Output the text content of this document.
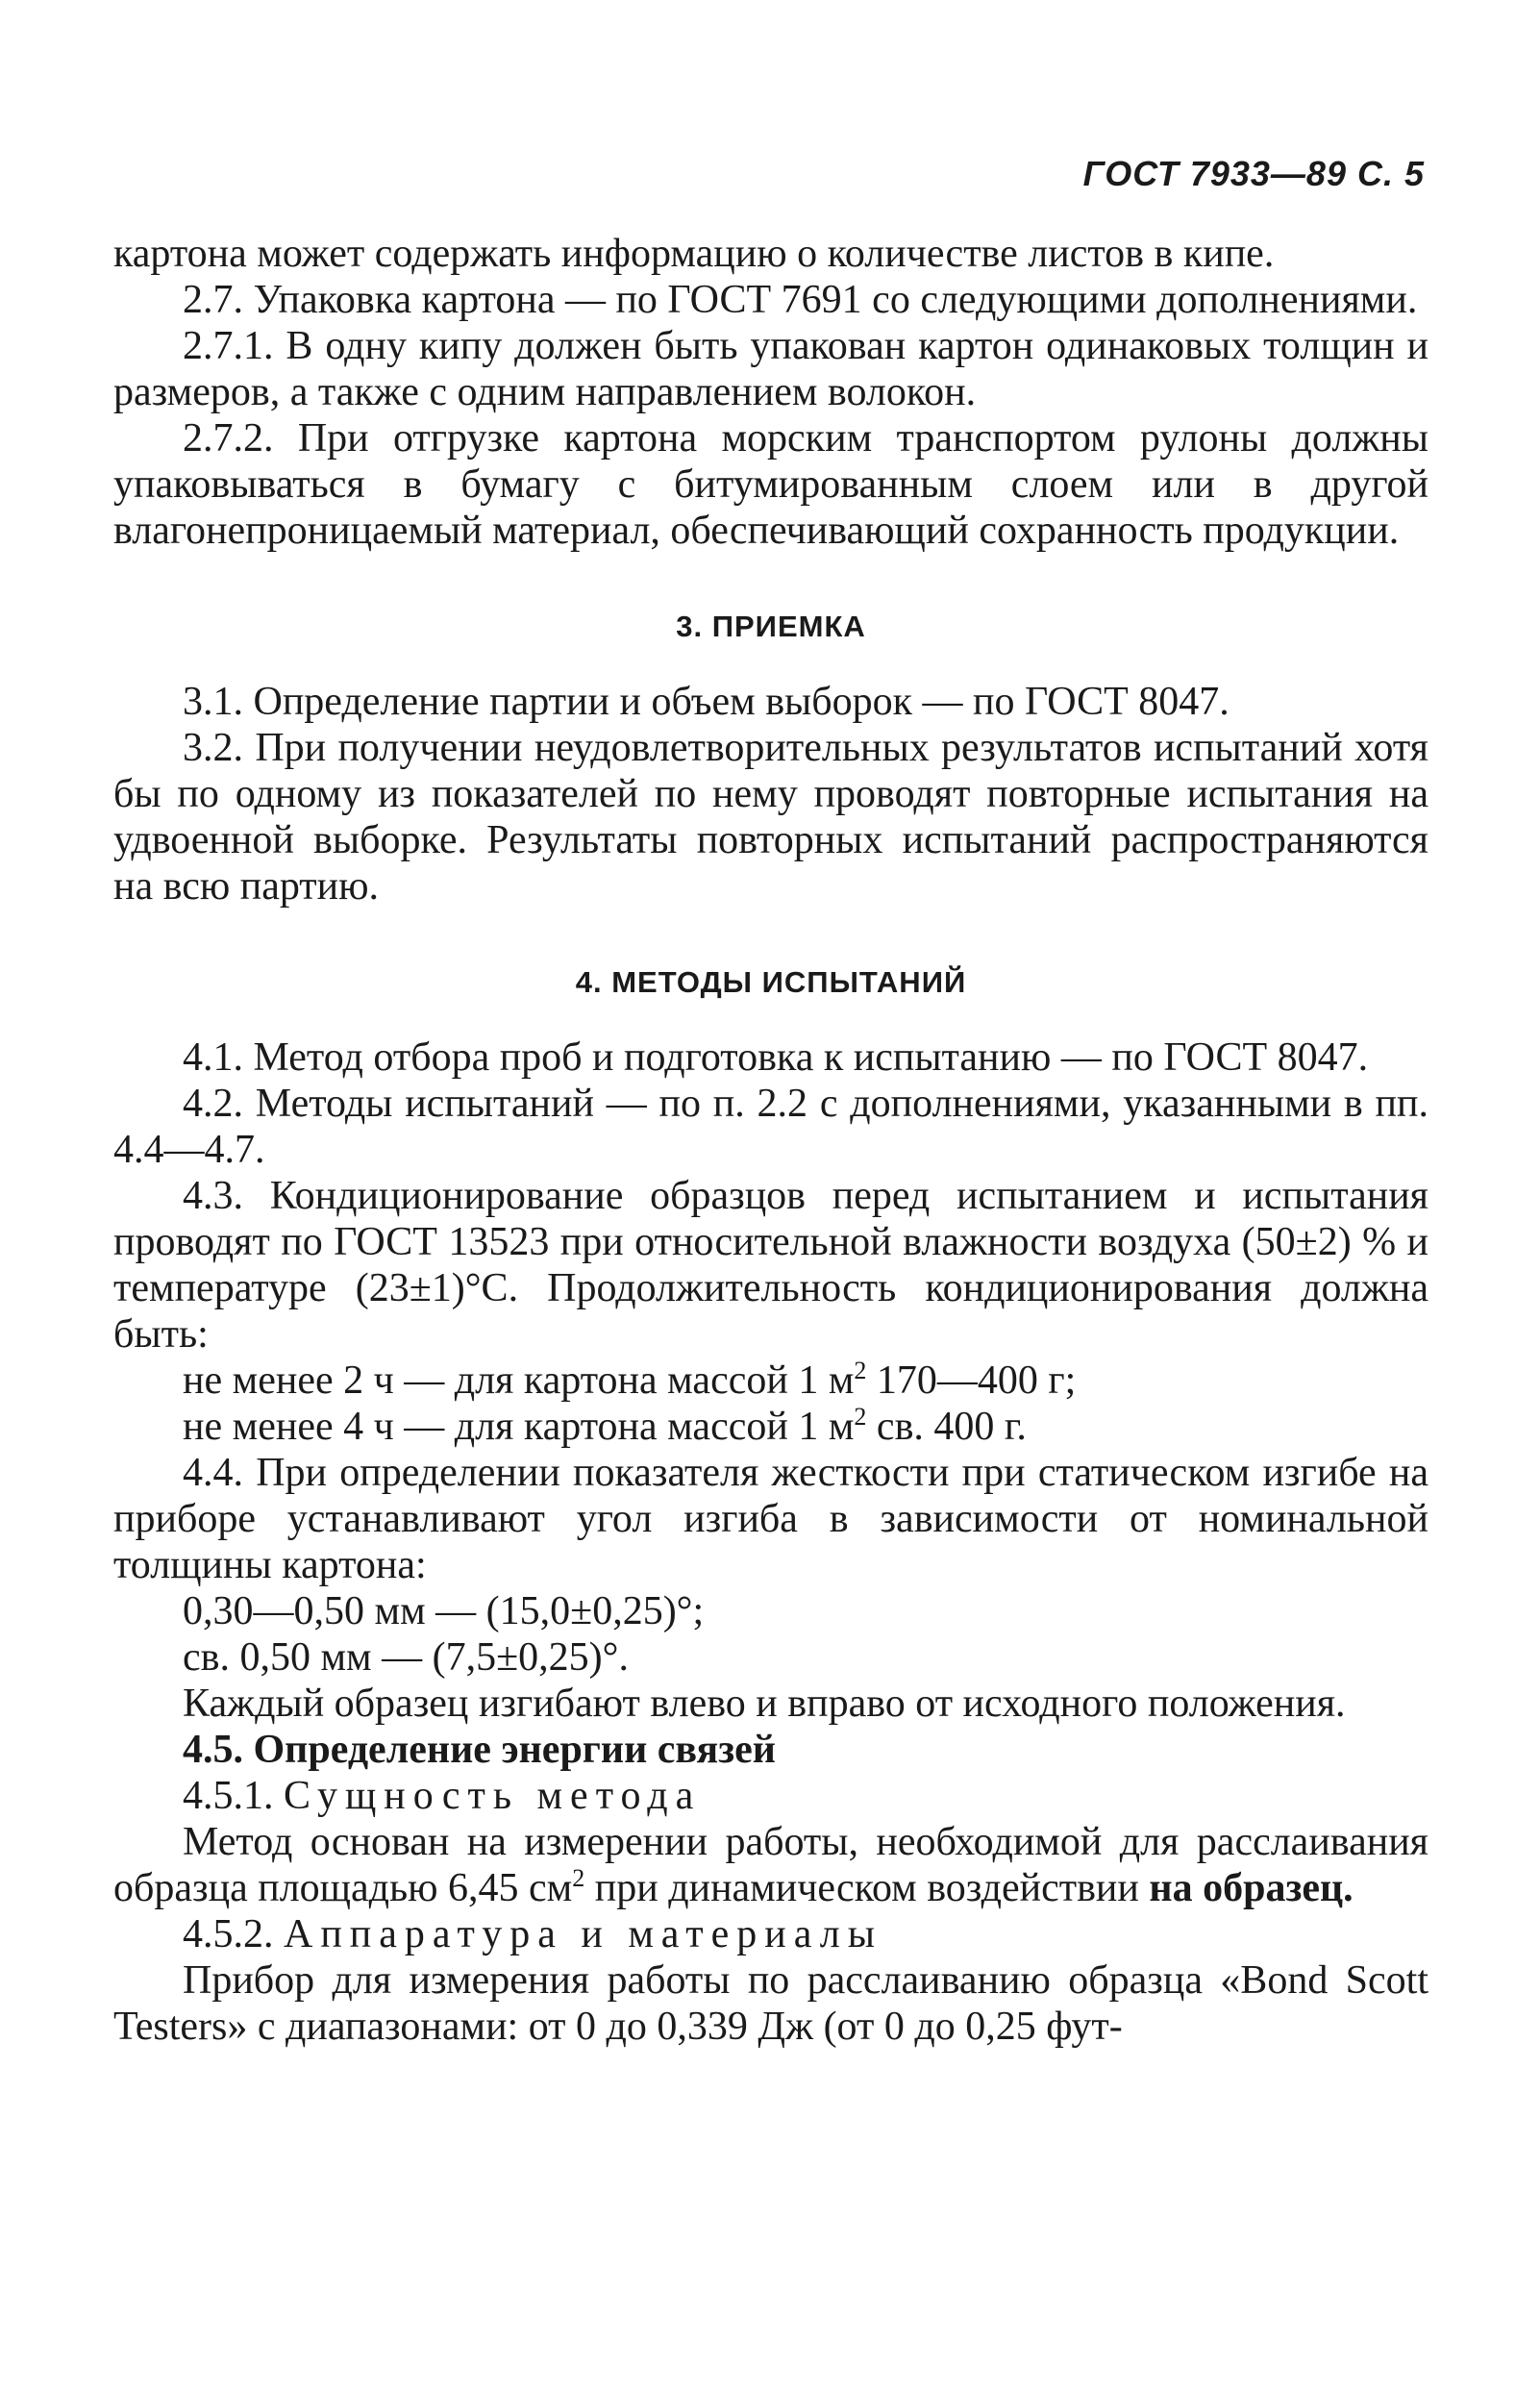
ГОСТ 7933—89 С. 5

картона может содержать информацию о количестве листов в кипе.

2.7. Упаковка картона — по ГОСТ 7691 со следующими дополнениями.

2.7.1. В одну кипу должен быть упакован картон одинаковых толщин и размеров, а также с одним направлением волокон.

2.7.2. При отгрузке картона морским транспортом рулоны должны упаковываться в бумагу с битумированным слоем или в другой влагонепроницаемый материал, обеспечивающий сохранность продукции.

3. ПРИЕМКА

3.1. Определение партии и объем выборок — по ГОСТ 8047.

3.2. При получении неудовлетворительных результатов испытаний хотя бы по одному из показателей по нему проводят повторные испытания на удвоенной выборке. Результаты повторных испытаний распространяются на всю партию.

4. МЕТОДЫ ИСПЫТАНИЙ

4.1. Метод отбора проб и подготовка к испытанию — по ГОСТ 8047.

4.2. Методы испытаний — по п. 2.2 с дополнениями, указанными в пп. 4.4—4.7.

4.3. Кондиционирование образцов перед испытанием и испытания проводят по ГОСТ 13523 при относительной влажности воздуха (50±2) % и температуре (23±1)°С. Продолжительность кондиционирования должна быть:

не менее 2 ч — для картона массой 1 $м^2$ 170—400 г;

не менее 4 ч — для картона массой 1 $м^2$ св. 400 г.

4.4. При определении показателя жесткости при статическом изгибе на приборе устанавливают угол изгиба в зависимости от номинальной толщины картона:

0,30—0,50 мм — (15,0±0,25)°;

св. 0,50 мм — (7,5±0,25)°.

Каждый образец изгибают влево и вправо от исходного положения.

4.5. Определение энергии связей

4.5.1. Сущность метода

Метод основан на измерении работы, необходимой для расслаивания образца площадью 6,45 $см^2$ при динамическом воздействии на образец.

4.5.2. Аппаратура и материалы

Прибор для измерения работы по расслаиванию образца «Bond Scott Testers» с диапазонами: от 0 до 0,339 Дж (от 0 до 0,25 фут-
